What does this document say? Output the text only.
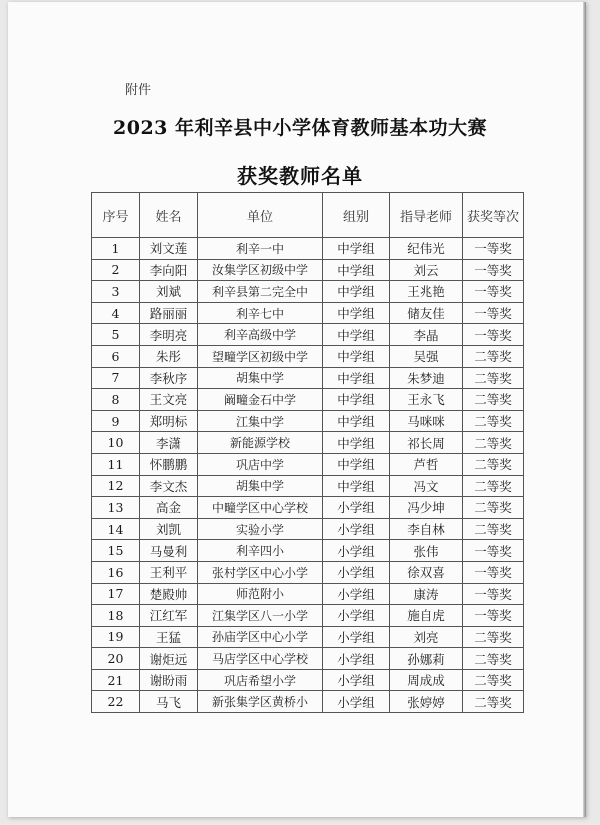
附件
2023 年利辛县中小学体育教师基本功大赛
获奖教师名单
序号	姓名	单位	组别	指导老师	获奖等次
1	刘文莲	利辛一中	中学组	纪伟光	一等奖
2	李向阳	汝集学区初级中学	中学组	刘云	一等奖
3	刘斌	利辛县第二完全中	中学组	王兆艳	一等奖
4	路丽丽	利辛七中	中学组	储友佳	一等奖
5	李明亮	利辛高级中学	中学组	李晶	一等奖
6	朱彤	望疃学区初级中学	中学组	吴强	二等奖
7	李秋序	胡集中学	中学组	朱梦迪	二等奖
8	王文亮	阚疃金石中学	中学组	王永飞	二等奖
9	郑明标	江集中学	中学组	马咪咪	二等奖
10	李潇	新能源学校	中学组	祁长周	二等奖
11	怀鹏鹏	巩店中学	中学组	芦哲	二等奖
12	李文杰	胡集中学	中学组	冯文	二等奖
13	高金	中疃学区中心学校	小学组	冯少坤	二等奖
14	刘凯	实验小学	小学组	李自林	二等奖
15	马曼利	利辛四小	小学组	张伟	一等奖
16	王利平	张村学区中心小学	小学组	徐双喜	一等奖
17	楚殿帅	师范附小	小学组	康涛	一等奖
18	江红军	江集学区八一小学	小学组	施自虎	一等奖
19	王猛	孙庙学区中心小学	小学组	刘亮	二等奖
20	谢炬远	马店学区中心学校	小学组	孙娜莉	二等奖
21	谢盼雨	巩店希望小学	小学组	周成成	二等奖
22	马飞	新张集学区黄桥小	小学组	张婷婷	二等奖
